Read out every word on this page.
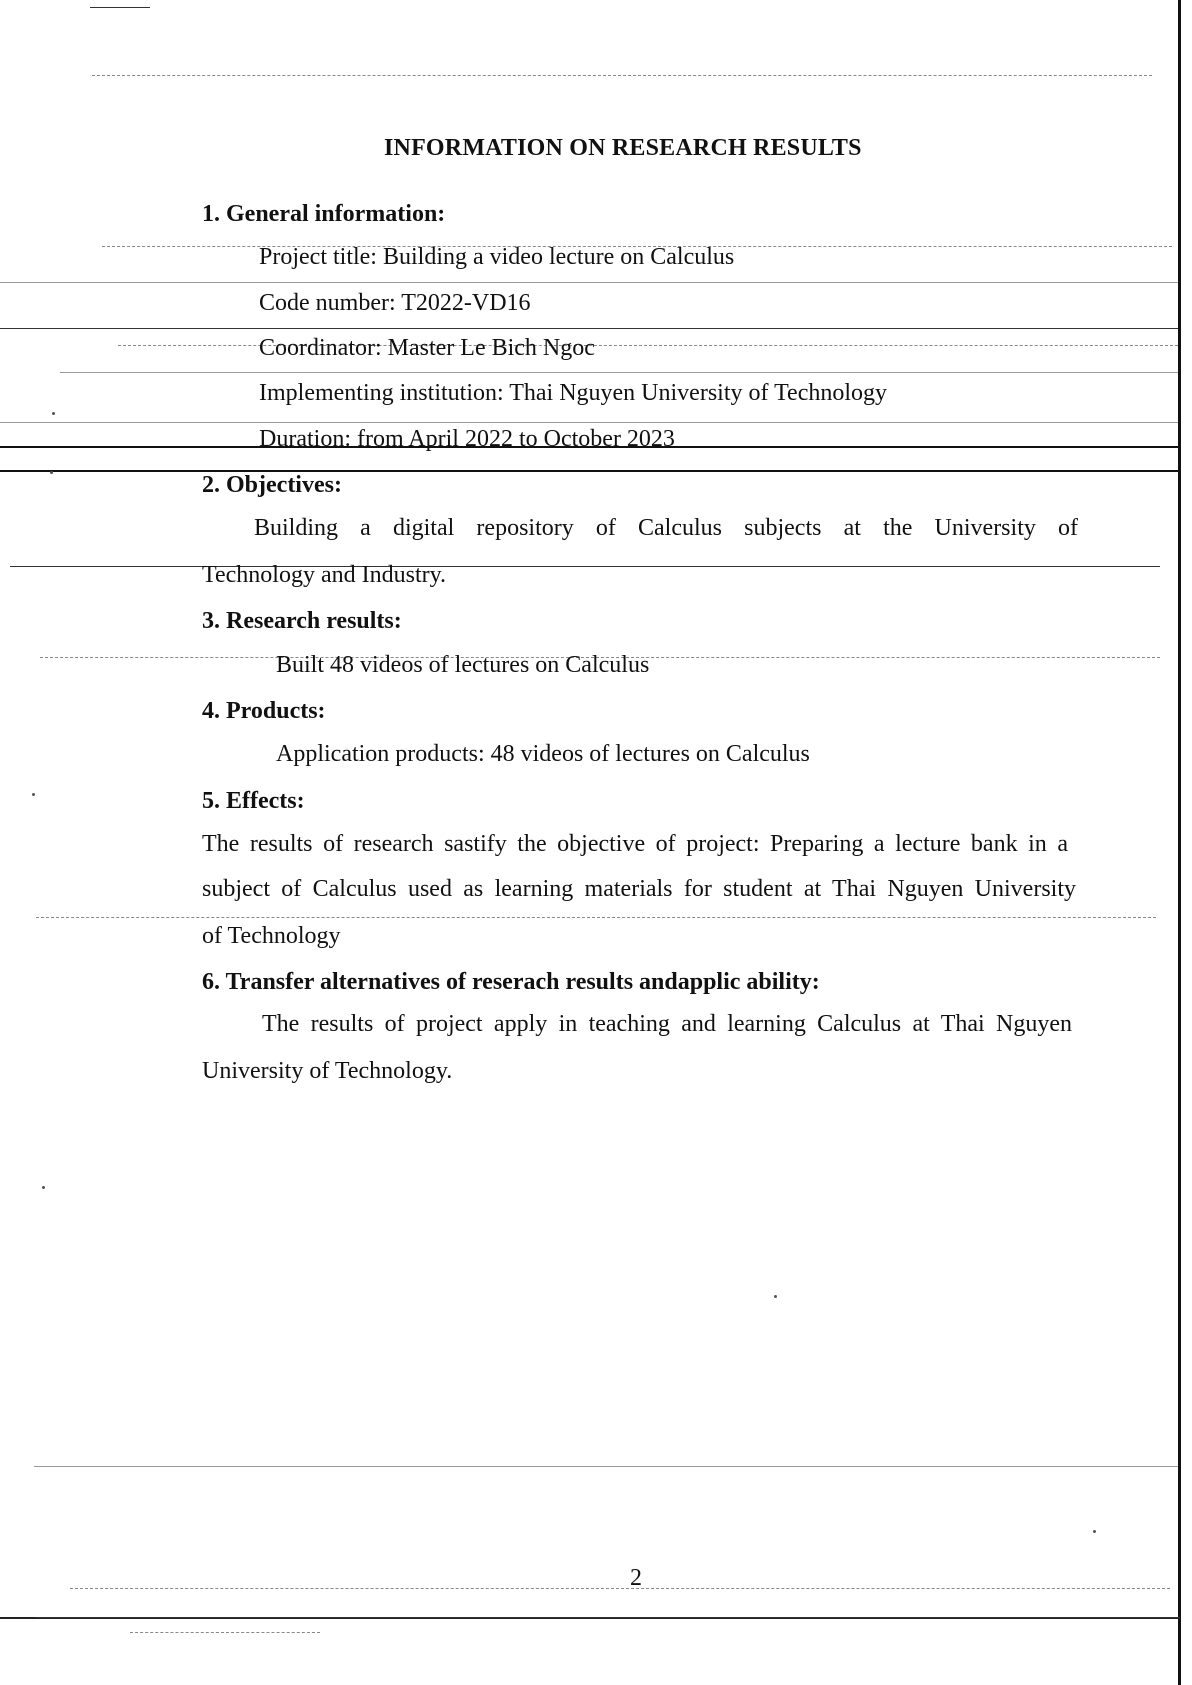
INFORMATION ON RESEARCH RESULTS
1. General information:
Project title: Building a video lecture on Calculus
Code number: T2022-VD16
Coordinator: Master Le Bich Ngoc
Implementing institution: Thai Nguyen University of Technology
Duration: from April 2022 to October 2023
2. Objectives:
Building a digital repository of Calculus subjects at the University of
Technology and Industry.
3. Research results:
Built 48 videos of lectures on Calculus
4. Products:
Application products: 48 videos of lectures on Calculus
5. Effects:
The results of research sastify the objective of project: Preparing a lecture bank in a
subject of Calculus used as learning materials for student at Thai Nguyen University
of Technology
6. Transfer alternatives of reserach results andapplic ability:
The results of project apply in teaching and learning Calculus at Thai Nguyen
University of Technology.
2
